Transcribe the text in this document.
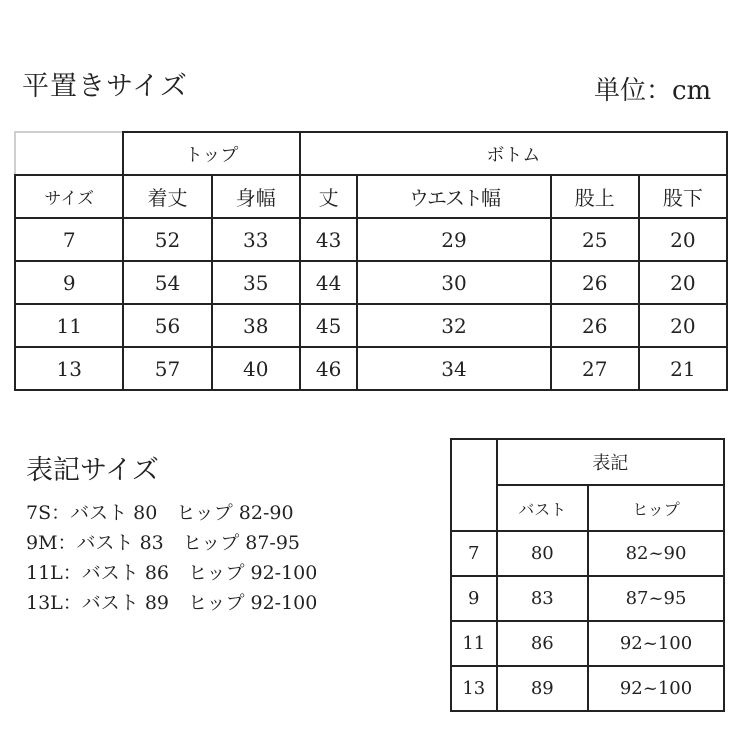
平置きサイズ	単位：cm
	トップ		ボトム			
サイズ	着丈	身幅	丈	ウエスト幅	股上	股下
7	52	33	43	29	25	20
9	54	35	44	30	26	20
11	56	38	45	32	26	20
13	57	40	46	34	27	21
表記サイズ
7S：バスト 80　ヒップ 82-90
9M：バスト 83　ヒップ 87-95
11L：バスト 86　ヒップ 92-100
13L：バスト 89　ヒップ 92-100
	表記	
	バスト	ヒップ
7	80	82~90
9	83	87~95
11	86	92~100
13	89	92~100
